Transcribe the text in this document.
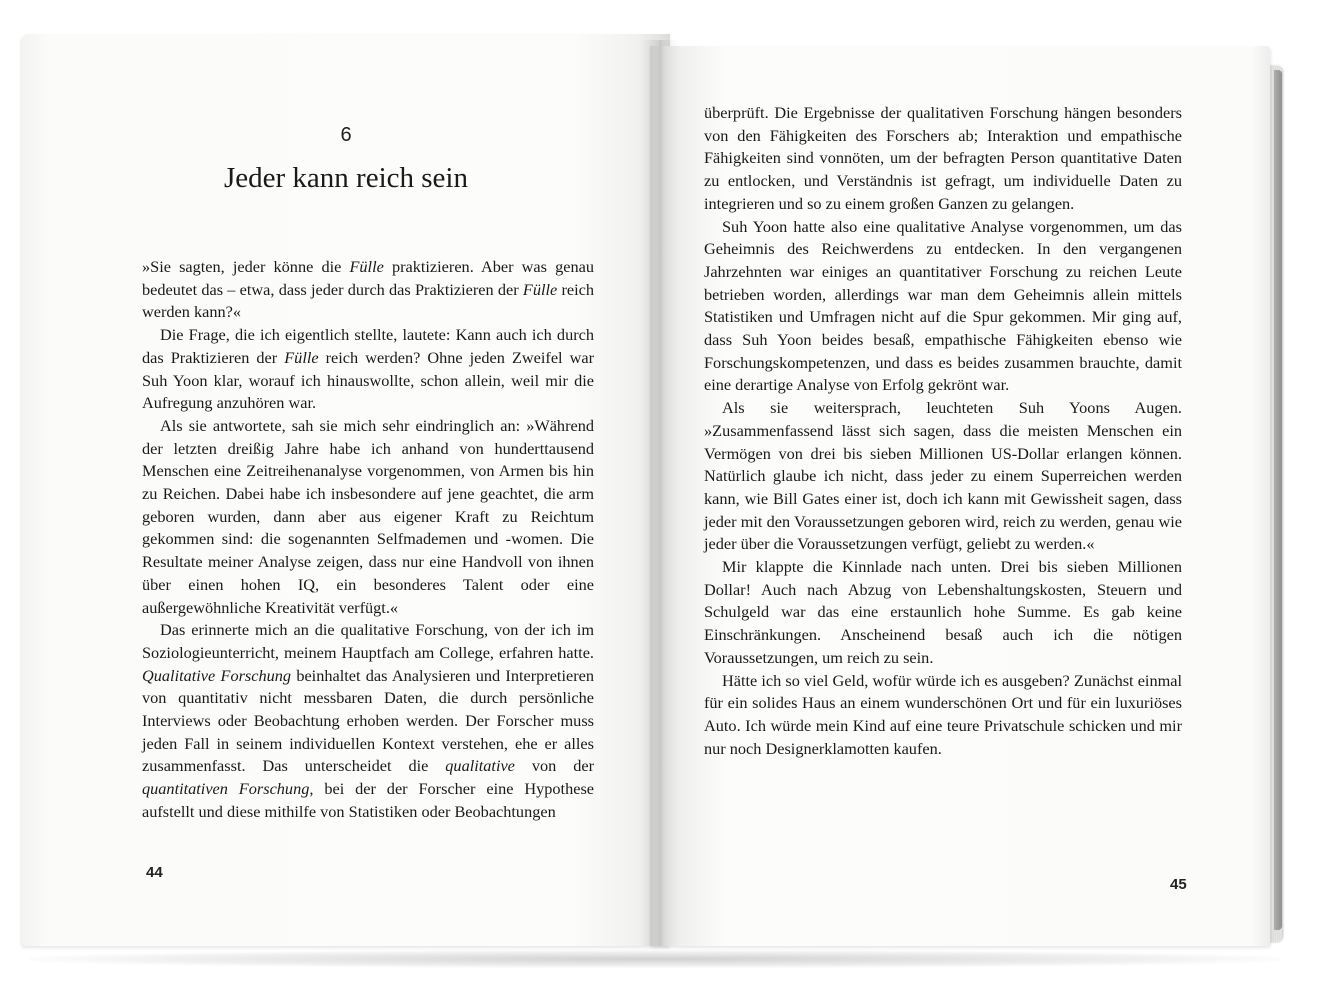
6
Jeder kann reich sein

»Sie sagten, jeder könne die Fülle praktizieren. Aber was genau bedeutet das – etwa, dass jeder durch das Praktizieren der Fülle reich werden kann?«

Die Frage, die ich eigentlich stellte, lautete: Kann auch ich durch das Praktizieren der Fülle reich werden? Ohne jeden Zweifel war Suh Yoon klar, worauf ich hinauswollte, schon allein, weil mir die Aufregung anzuhören war.

Als sie antwortete, sah sie mich sehr eindringlich an: »Während der letzten dreißig Jahre habe ich anhand von hunderttausend Menschen eine Zeitreihenanalyse vorgenommen, von Armen bis hin zu Reichen. Dabei habe ich insbesondere auf jene geachtet, die arm geboren wurden, dann aber aus eigener Kraft zu Reichtum gekommen sind: die sogenannten Selfmademen und -women. Die Resultate meiner Analyse zeigen, dass nur eine Handvoll von ihnen über einen hohen IQ, ein besonderes Talent oder eine außergewöhnliche Kreativität verfügt.«

Das erinnerte mich an die qualitative Forschung, von der ich im Soziologieunterricht, meinem Hauptfach am College, erfahren hatte. Qualitative Forschung beinhaltet das Analysieren und Interpretieren von quantitativ nicht messbaren Daten, die durch persönliche Interviews oder Beobachtung erhoben werden. Der Forscher muss jeden Fall in seinem individuellen Kontext verstehen, ehe er alles zusammenfasst. Das unterscheidet die qualitative von der quantitativen Forschung, bei der der Forscher eine Hypothese aufstellt und diese mithilfe von Statistiken oder Beobachtungen

44

überprüft. Die Ergebnisse der qualitativen Forschung hängen besonders von den Fähigkeiten des Forschers ab; Interaktion und empathische Fähigkeiten sind vonnöten, um der befragten Person quantitative Daten zu entlocken, und Verständnis ist gefragt, um individuelle Daten zu integrieren und so zu einem großen Ganzen zu gelangen.

Suh Yoon hatte also eine qualitative Analyse vorgenommen, um das Geheimnis des Reichwerdens zu entdecken. In den vergangenen Jahrzehnten war einiges an quantitativer Forschung zu reichen Leute betrieben worden, allerdings war man dem Geheimnis allein mittels Statistiken und Umfragen nicht auf die Spur gekommen. Mir ging auf, dass Suh Yoon beides besaß, empathische Fähigkeiten ebenso wie Forschungskompetenzen, und dass es beides zusammen brauchte, damit eine derartige Analyse von Erfolg gekrönt war.

Als sie weitersprach, leuchteten Suh Yoons Augen. »Zusammenfassend lässt sich sagen, dass die meisten Menschen ein Vermögen von drei bis sieben Millionen US-Dollar erlangen können. Natürlich glaube ich nicht, dass jeder zu einem Superreichen werden kann, wie Bill Gates einer ist, doch ich kann mit Gewissheit sagen, dass jeder mit den Voraussetzungen geboren wird, reich zu werden, genau wie jeder über die Voraussetzungen verfügt, geliebt zu werden.«

Mir klappte die Kinnlade nach unten. Drei bis sieben Millionen Dollar! Auch nach Abzug von Lebenshaltungskosten, Steuern und Schulgeld war das eine erstaunlich hohe Summe. Es gab keine Einschränkungen. Anscheinend besaß auch ich die nötigen Voraussetzungen, um reich zu sein.

Hätte ich so viel Geld, wofür würde ich es ausgeben? Zunächst einmal für ein solides Haus an einem wunderschönen Ort und für ein luxuriöses Auto. Ich würde mein Kind auf eine teure Privatschule schicken und mir nur noch Designerklamotten kaufen.

45
